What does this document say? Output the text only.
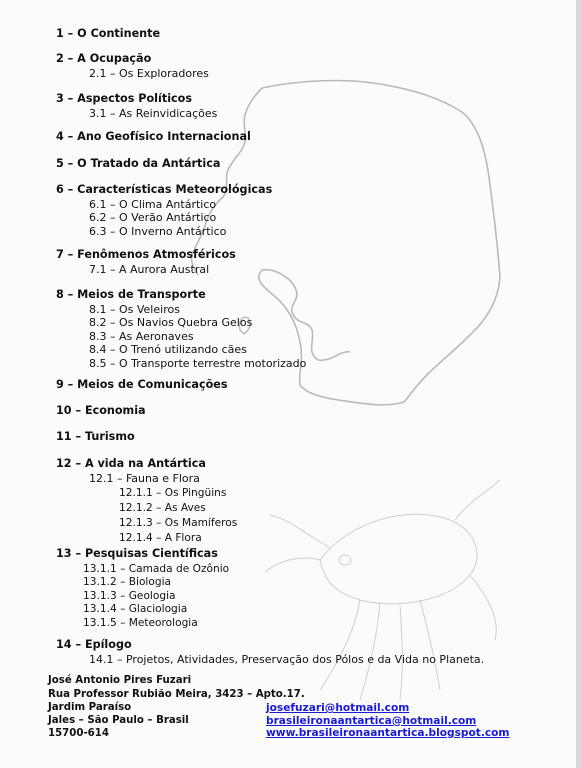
1 – O Continente
2 – A Ocupação
2.1 – Os Exploradores
3 – Aspectos Políticos
3.1 – As Reinvidicações
4 – Ano Geofísico Internacional
5 – O Tratado da Antártica
6 – Características Meteorológicas
6.1 – O Clima Antártico
6.2 – O Verão Antártico
6.3 – O Inverno Antártico
7 – Fenômenos Atmosféricos
7.1 – A Aurora Austral
8 – Meios de Transporte
8.1 – Os Veleiros
8.2 – Os Navios Quebra Gelos
8.3 – As Aeronaves
8.4 – O Trenó utilizando cães
8.5 – O Transporte terrestre motorizado
9 – Meios de Comunicações
10 – Economia
11 – Turismo
12 – A vida na Antártica
12.1 – Fauna e Flora
12.1.1 – Os Pingüins
12.1.2 – As Aves
12.1.3 – Os Mamíferos
12.1.4 – A Flora
13 – Pesquisas Científicas
13.1.1 – Camada de Ozônio
13.1.2 – Biologia
13.1.3 – Geologia
13.1.4 – Glaciologia
13.1.5 – Meteorologia
14 – Epílogo
14.1 – Projetos, Atividades, Preservação dos Pólos e da Vida no Planeta.
José Antonio Pires Fuzari
Rua Professor Rubião Meira, 3423 – Apto.17.
Jardim Paraíso
Jales – São Paulo – Brasil
15700-614
josefuzari@hotmail.com
brasileironaantartica@hotmail.com
www.brasileironaantartica.blogspot.com
